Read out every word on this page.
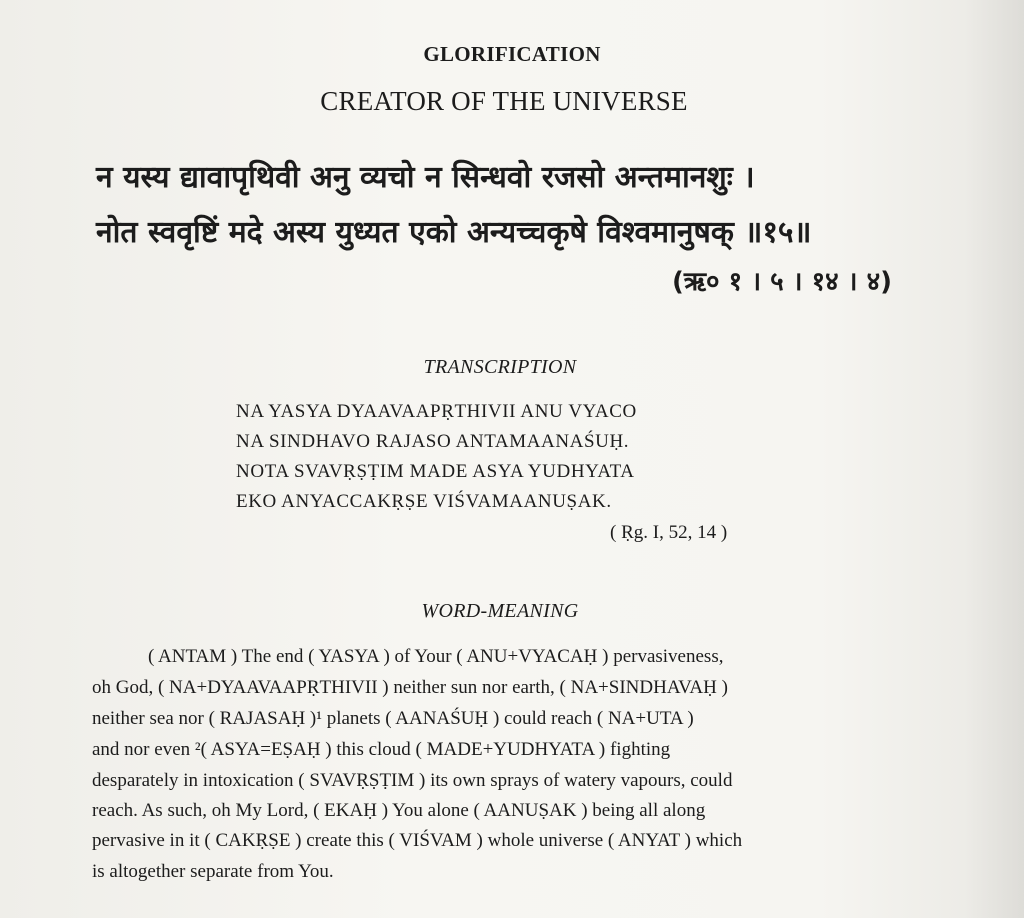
GLORIFICATION
CREATOR OF THE UNIVERSE
न यस्य द्यावापृथिवी अनु व्यचो न सिन्धवो रजसो अन्तमानशुः ।
नोत स्ववृष्टिं मदे अस्य युध्यत एको अन्यच्चकृषे विश्वमानुषक् ॥१५॥
(ऋ० १ । ५ । १४ । ४)
TRANSCRIPTION
NA YASYA DYAAVAAPṚTHIVII ANU VYACO
NA SINDHAVO RAJASO ANTAMAANAŚUḤ.
NOTA SVAVṚṢṬIM MADE ASYA YUDHYATA
EKO ANYACCAKṚṢE VIŚVAMAANUṢAK.
( Ṛg. I, 52, 14 )
WORD-MEANING
( ANTAM ) The end ( YASYA ) of Your ( ANU+VYACAḤ ) pervasiveness,
oh God, ( NA+DYAAVAAPṚTHIVII ) neither sun nor earth, ( NA+SINDHAVAḤ )
neither sea nor ( RAJASAḤ )¹ planets ( AANAŚUḤ ) could reach ( NA+UTA )
and nor even ²( ASYA=EṢAḤ ) this cloud ( MADE+YUDHYATA ) fighting
desparately in intoxication ( SVAVṚṢṬIM ) its own sprays of watery vapours, could
reach. As such, oh My Lord, ( EKAḤ ) You alone ( AANUṢAK ) being all along
pervasive in it ( CAKṚṢE ) create this ( VIŚVAM ) whole universe ( ANYAT ) which
is altogether separate from You.
